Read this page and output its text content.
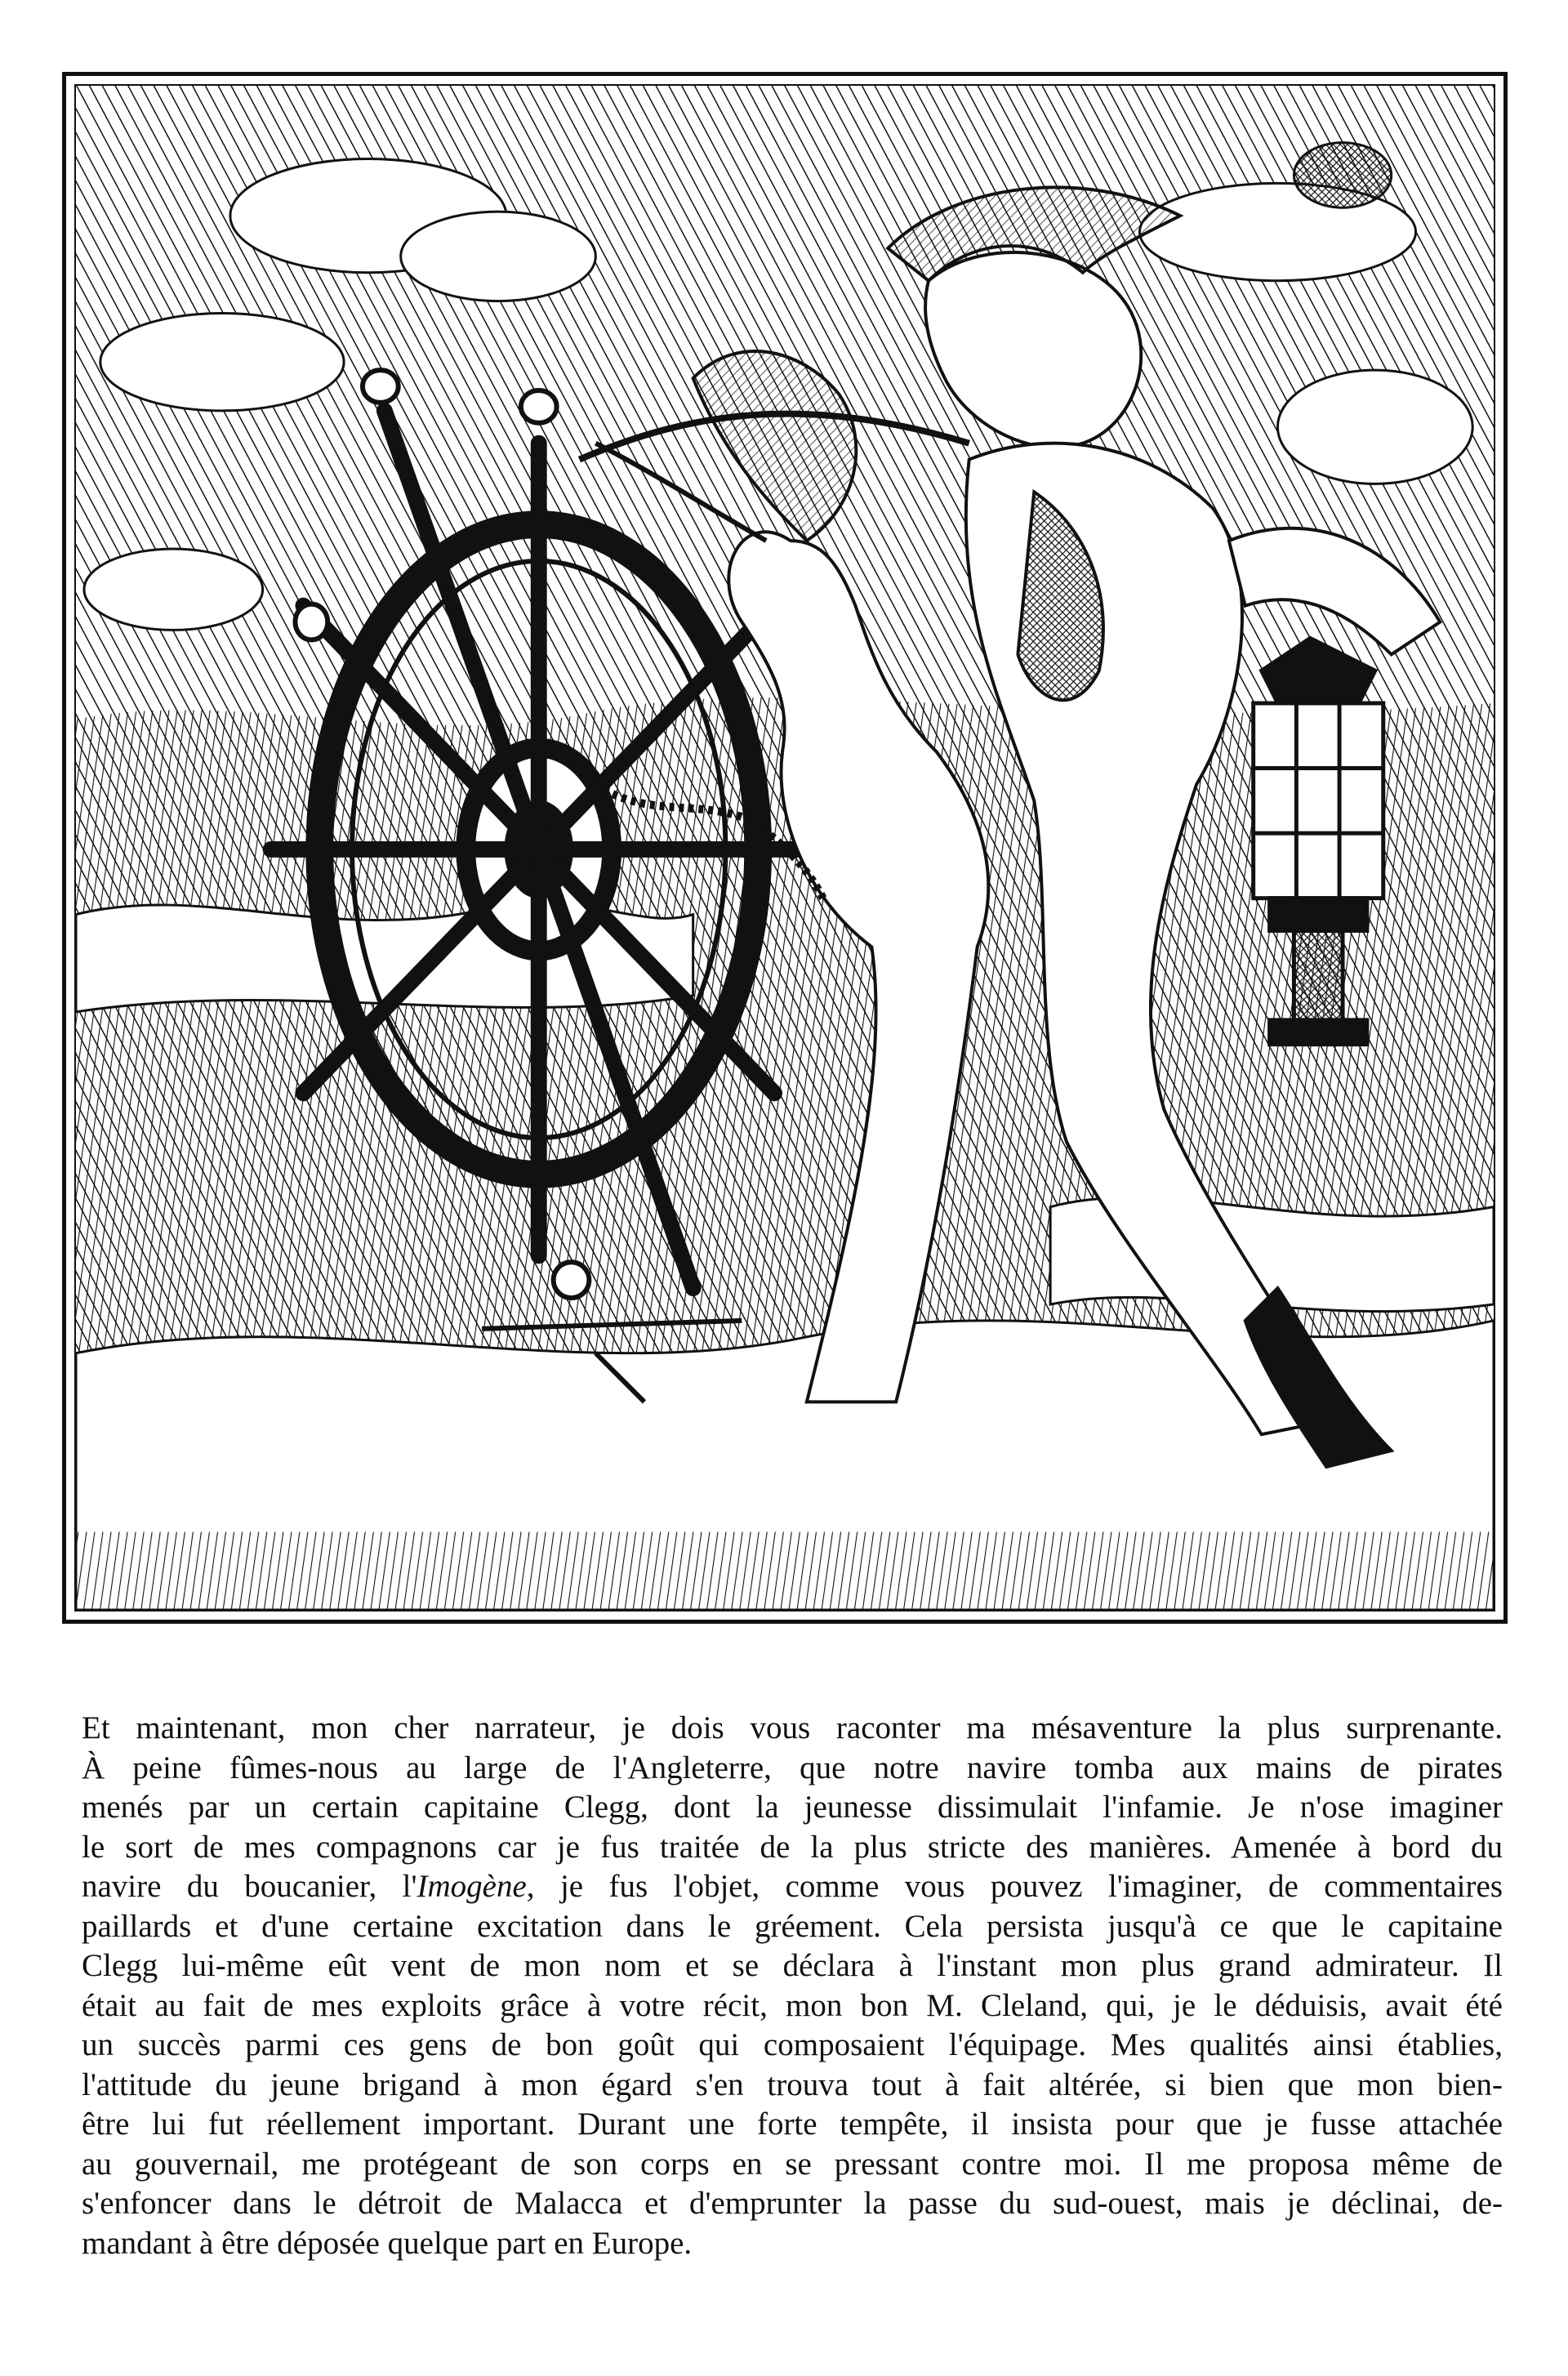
Et maintenant, mon cher narrateur, je dois vous raconter ma mésaventure la plus surprenante.
À peine fûmes-nous au large de l'Angleterre, que notre navire tomba aux mains de pirates
menés par un certain capitaine Clegg, dont la jeunesse dissimulait l'infamie. Je n'ose imaginer
le sort de mes compagnons car je fus traitée de la plus stricte des manières. Amenée à bord du
navire du boucanier, l'Imogène, je fus l'objet, comme vous pouvez l'imaginer, de commentaires
paillards et d'une certaine excitation dans le gréement. Cela persista jusqu'à ce que le capitaine
Clegg lui-même eût vent de mon nom et se déclara à l'instant mon plus grand admirateur. Il
était au fait de mes exploits grâce à votre récit, mon bon M. Cleland, qui, je le déduisis, avait été
un succès parmi ces gens de bon goût qui composaient l'équipage. Mes qualités ainsi établies,
l'attitude du jeune brigand à mon égard s'en trouva tout à fait altérée, si bien que mon bien-
être lui fut réellement important. Durant une forte tempête, il insista pour que je fusse attachée
au gouvernail, me protégeant de son corps en se pressant contre moi. Il me proposa même de
s'enfoncer dans le détroit de Malacca et d'emprunter la passe du sud-ouest, mais je déclinai, de-
mandant à être déposée quelque part en Europe.
